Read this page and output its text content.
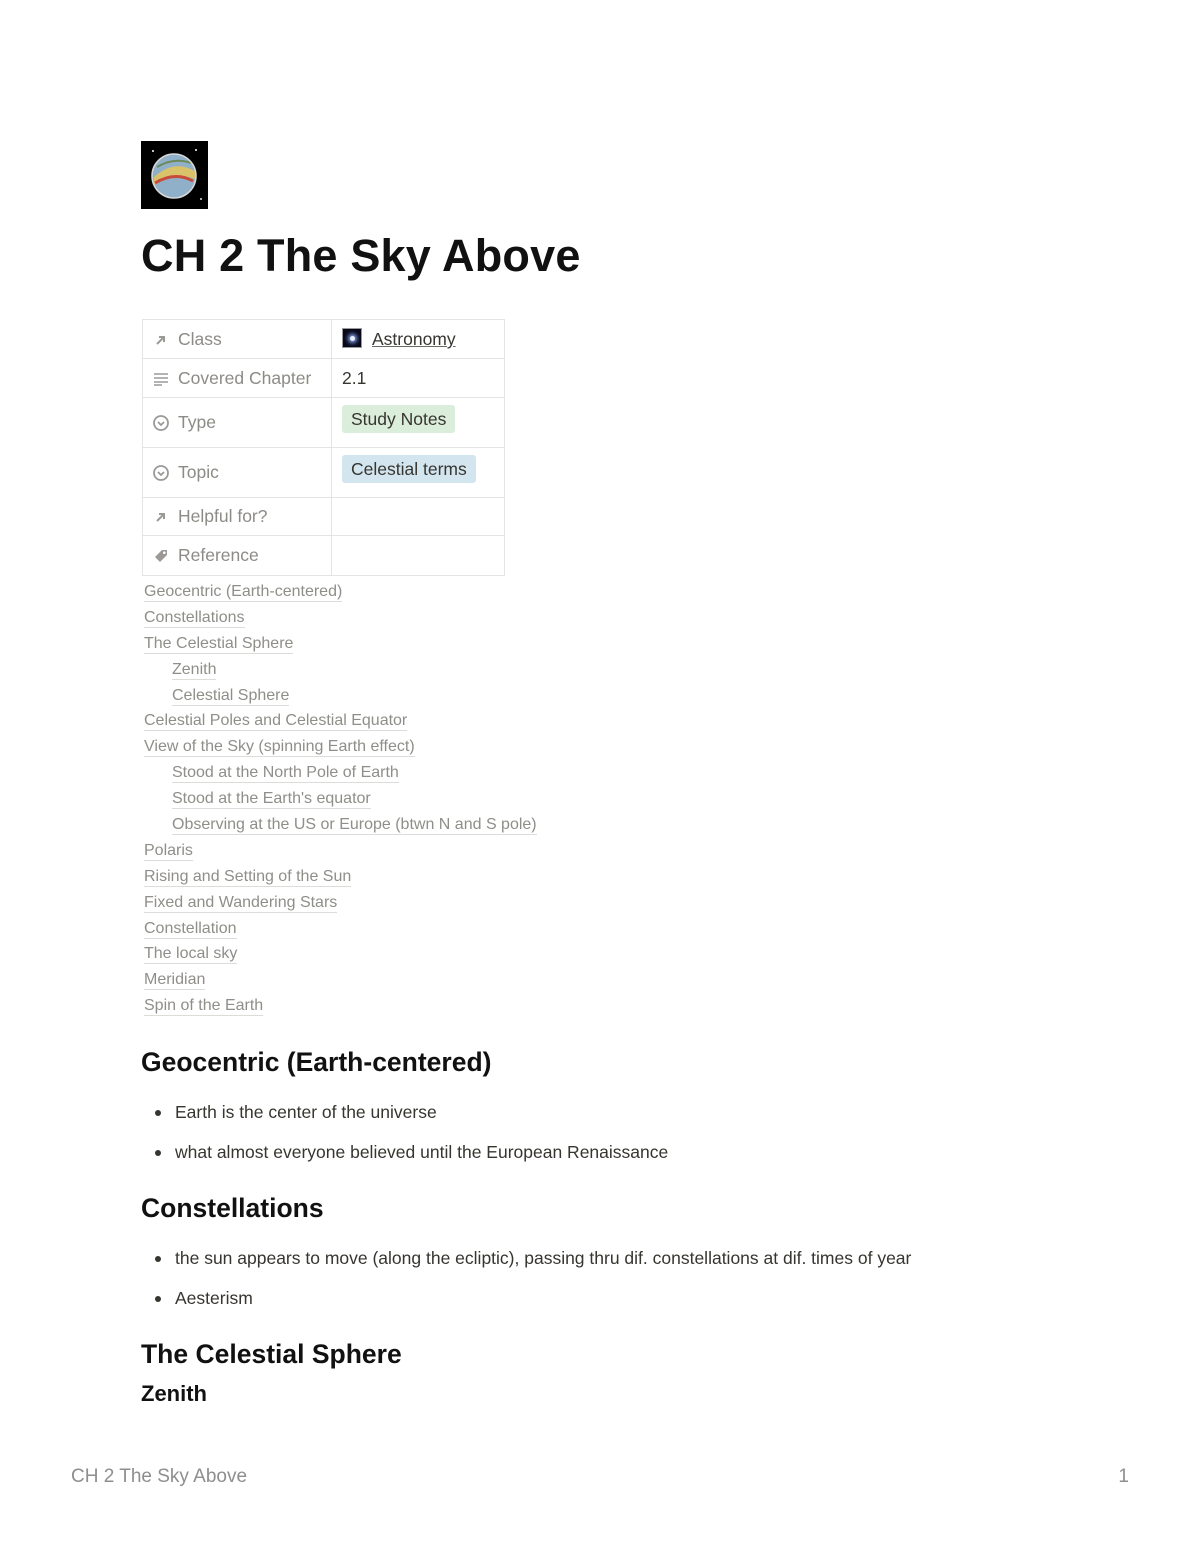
CH 2 The Sky Above
Class	Astronomy
Covered Chapter	2.1
Type	Study Notes
Topic	Celestial terms
Helpful for?	
Reference	
Geocentric (Earth-centered)
Constellations
The Celestial Sphere
Zenith
Celestial Sphere
Celestial Poles and Celestial Equator
View of the Sky (spinning Earth effect)
Stood at the North Pole of Earth
Stood at the Earth's equator
Observing at the US or Europe (btwn N and S pole)
Polaris
Rising and Setting of the Sun
Fixed and Wandering Stars
Constellation
The local sky
Meridian
Spin of the Earth
Geocentric (Earth-centered)
Earth is the center of the universe
what almost everyone believed until the European Renaissance
Constellations
the sun appears to move (along the ecliptic), passing thru dif. constellations at dif. times of year
Aesterism
The Celestial Sphere
Zenith
CH 2 The Sky Above	1
